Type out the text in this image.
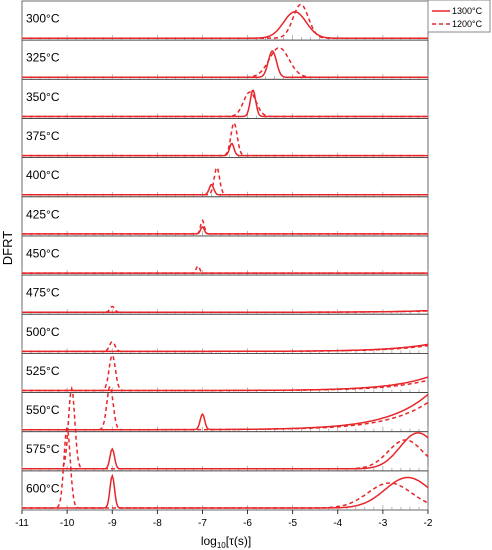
300°C
325°C
350°C
375°C
400°C
425°C
450°C
475°C
500°C
525°C
550°C
575°C
600°C
-11	-10	-9	-8	-7	-6	-5	-4	-3	-2
DFRT
$\log_{10}[\tau(s)]$
1300°C
1200°C
